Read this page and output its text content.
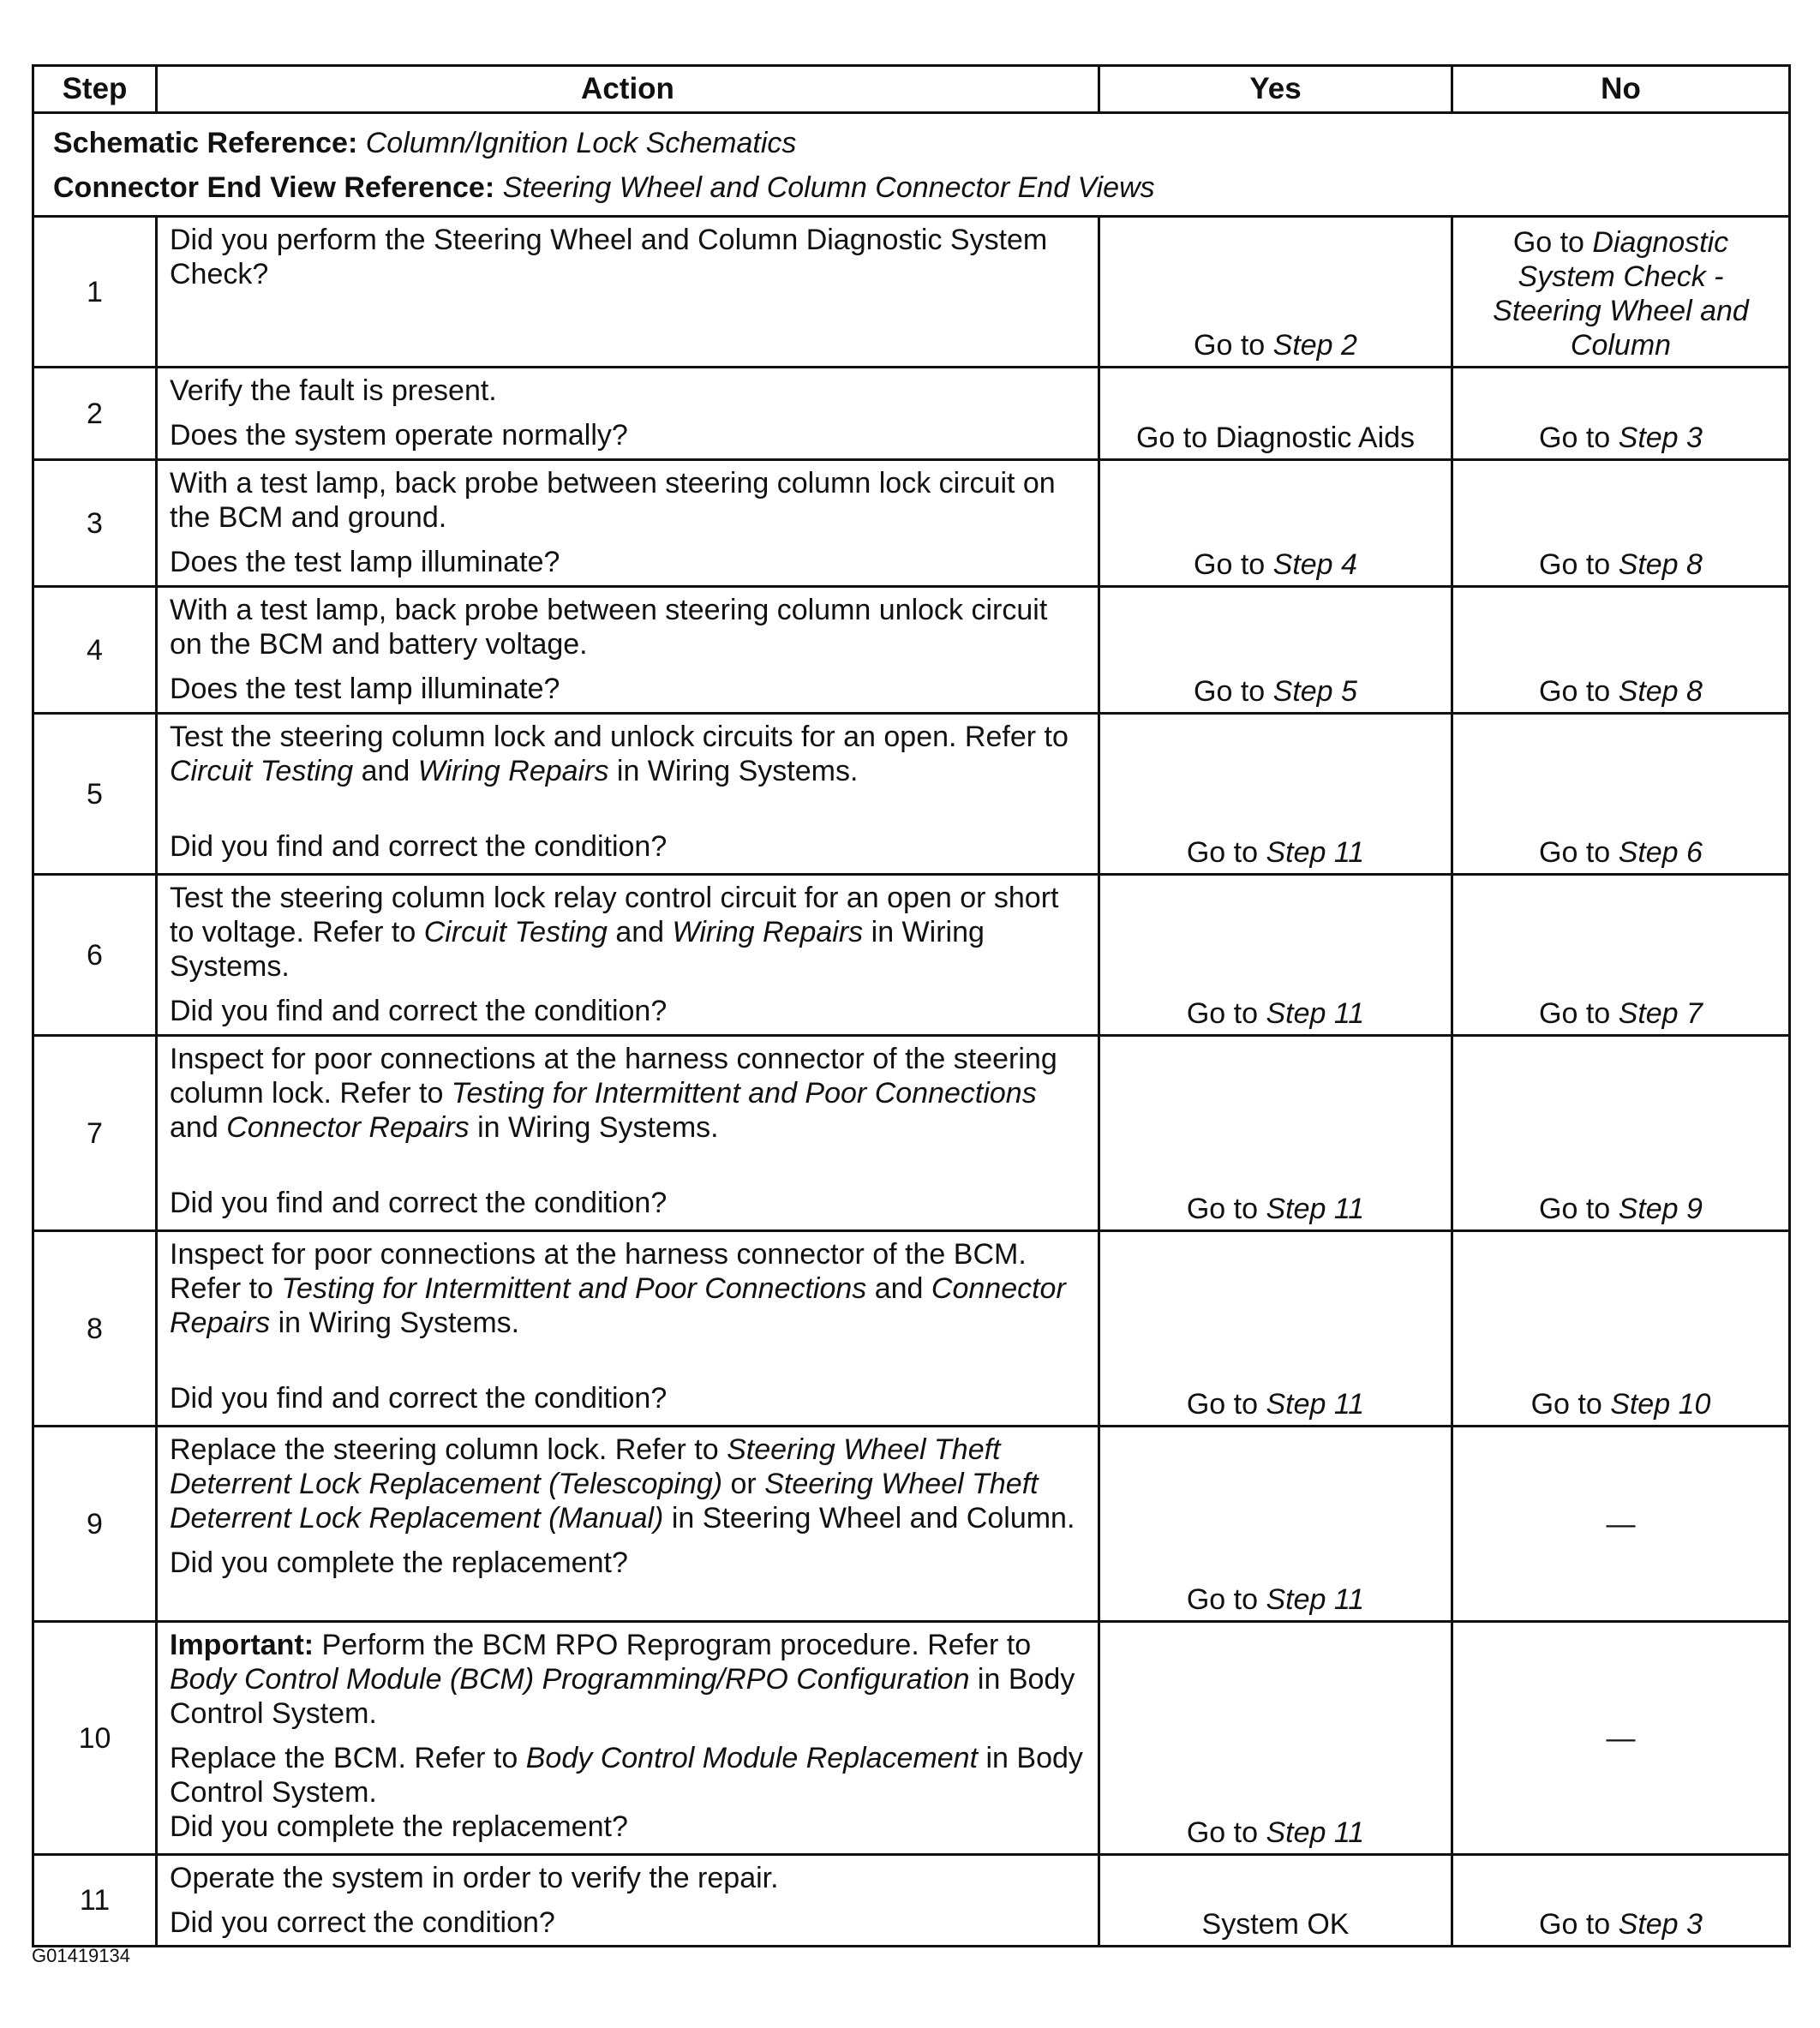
Step	Action	Yes	No

Schematic Reference: Column/Ignition Lock Schematics
Connector End View Reference: Steering Wheel and Column Connector End Views			

1	Did you perform the Steering Wheel and Column Diagnostic System Check?	Go to Step 2	Go to Diagnostic
System Check -
Steering Wheel and
Column

2	Verify the fault is present.
Does the system operate normally?	Go to Diagnostic Aids	Go to Step 3

3	With a test lamp, back probe between steering column lock circuit on the BCM and ground.
Does the test lamp illuminate?	Go to Step 4	Go to Step 8

4	With a test lamp, back probe between steering column unlock circuit on the BCM and battery voltage.
Does the test lamp illuminate?	Go to Step 5	Go to Step 8

5	Test the steering column lock and unlock circuits for an open. Refer to Circuit Testing and Wiring Repairs in Wiring Systems.
Did you find and correct the condition?	Go to Step 11	Go to Step 6

6	Test the steering column lock relay control circuit for an open or short to voltage. Refer to Circuit Testing and Wiring Repairs in Wiring Systems.
Did you find and correct the condition?	Go to Step 11	Go to Step 7

7	Inspect for poor connections at the harness connector of the steering column lock. Refer to Testing for Intermittent and Poor Connections and Connector Repairs in Wiring Systems.
Did you find and correct the condition?	Go to Step 11	Go to Step 9

8	Inspect for poor connections at the harness connector of the BCM. Refer to Testing for Intermittent and Poor Connections and Connector Repairs in Wiring Systems.
Did you find and correct the condition?	Go to Step 11	Go to Step 10

9	Replace the steering column lock. Refer to Steering Wheel Theft Deterrent Lock Replacement (Telescoping) or Steering Wheel Theft Deterrent Lock Replacement (Manual) in Steering Wheel and Column.
Did you complete the replacement?	Go to Step 11	—

10	Important: Perform the BCM RPO Reprogram procedure. Refer to Body Control Module (BCM) Programming/RPO Configuration in Body Control System.
Replace the BCM. Refer to Body Control Module Replacement in Body Control System.
Did you complete the replacement?	Go to Step 11	—

11	Operate the system in order to verify the repair.
Did you correct the condition?	System OK	Go to Step 3
G01419134
